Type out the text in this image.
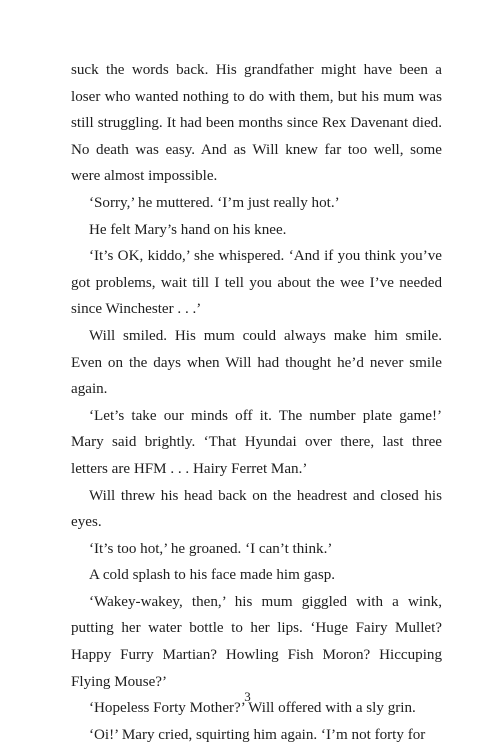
suck the words back. His grandfather might have been a loser who wanted nothing to do with them, but his mum was still struggling. It had been months since Rex Davenant died. No death was easy. And as Will knew far too well, some were almost impossible.

‘Sorry,’ he muttered. ‘I’m just really hot.’

He felt Mary’s hand on his knee.

‘It’s OK, kiddo,’ she whispered. ‘And if you think you’ve got problems, wait till I tell you about the wee I’ve needed since Winchester . . .’

Will smiled. His mum could always make him smile. Even on the days when Will had thought he’d never smile again.

‘Let’s take our minds off it. The number plate game!’ Mary said brightly. ‘That Hyundai over there, last three letters are HFM . . . Hairy Ferret Man.’

Will threw his head back on the headrest and closed his eyes.

‘It’s too hot,’ he groaned. ‘I can’t think.’

A cold splash to his face made him gasp.

‘Wakey-wakey, then,’ his mum giggled with a wink, putting her water bottle to her lips. ‘Huge Fairy Mullet? Happy Furry Martian? Howling Fish Moron? Hiccuping Flying Mouse?’

‘Hopeless Forty Mother?’ Will offered with a sly grin.

‘Oi!’ Mary cried, squirting him again. ‘I’m not forty for

3
